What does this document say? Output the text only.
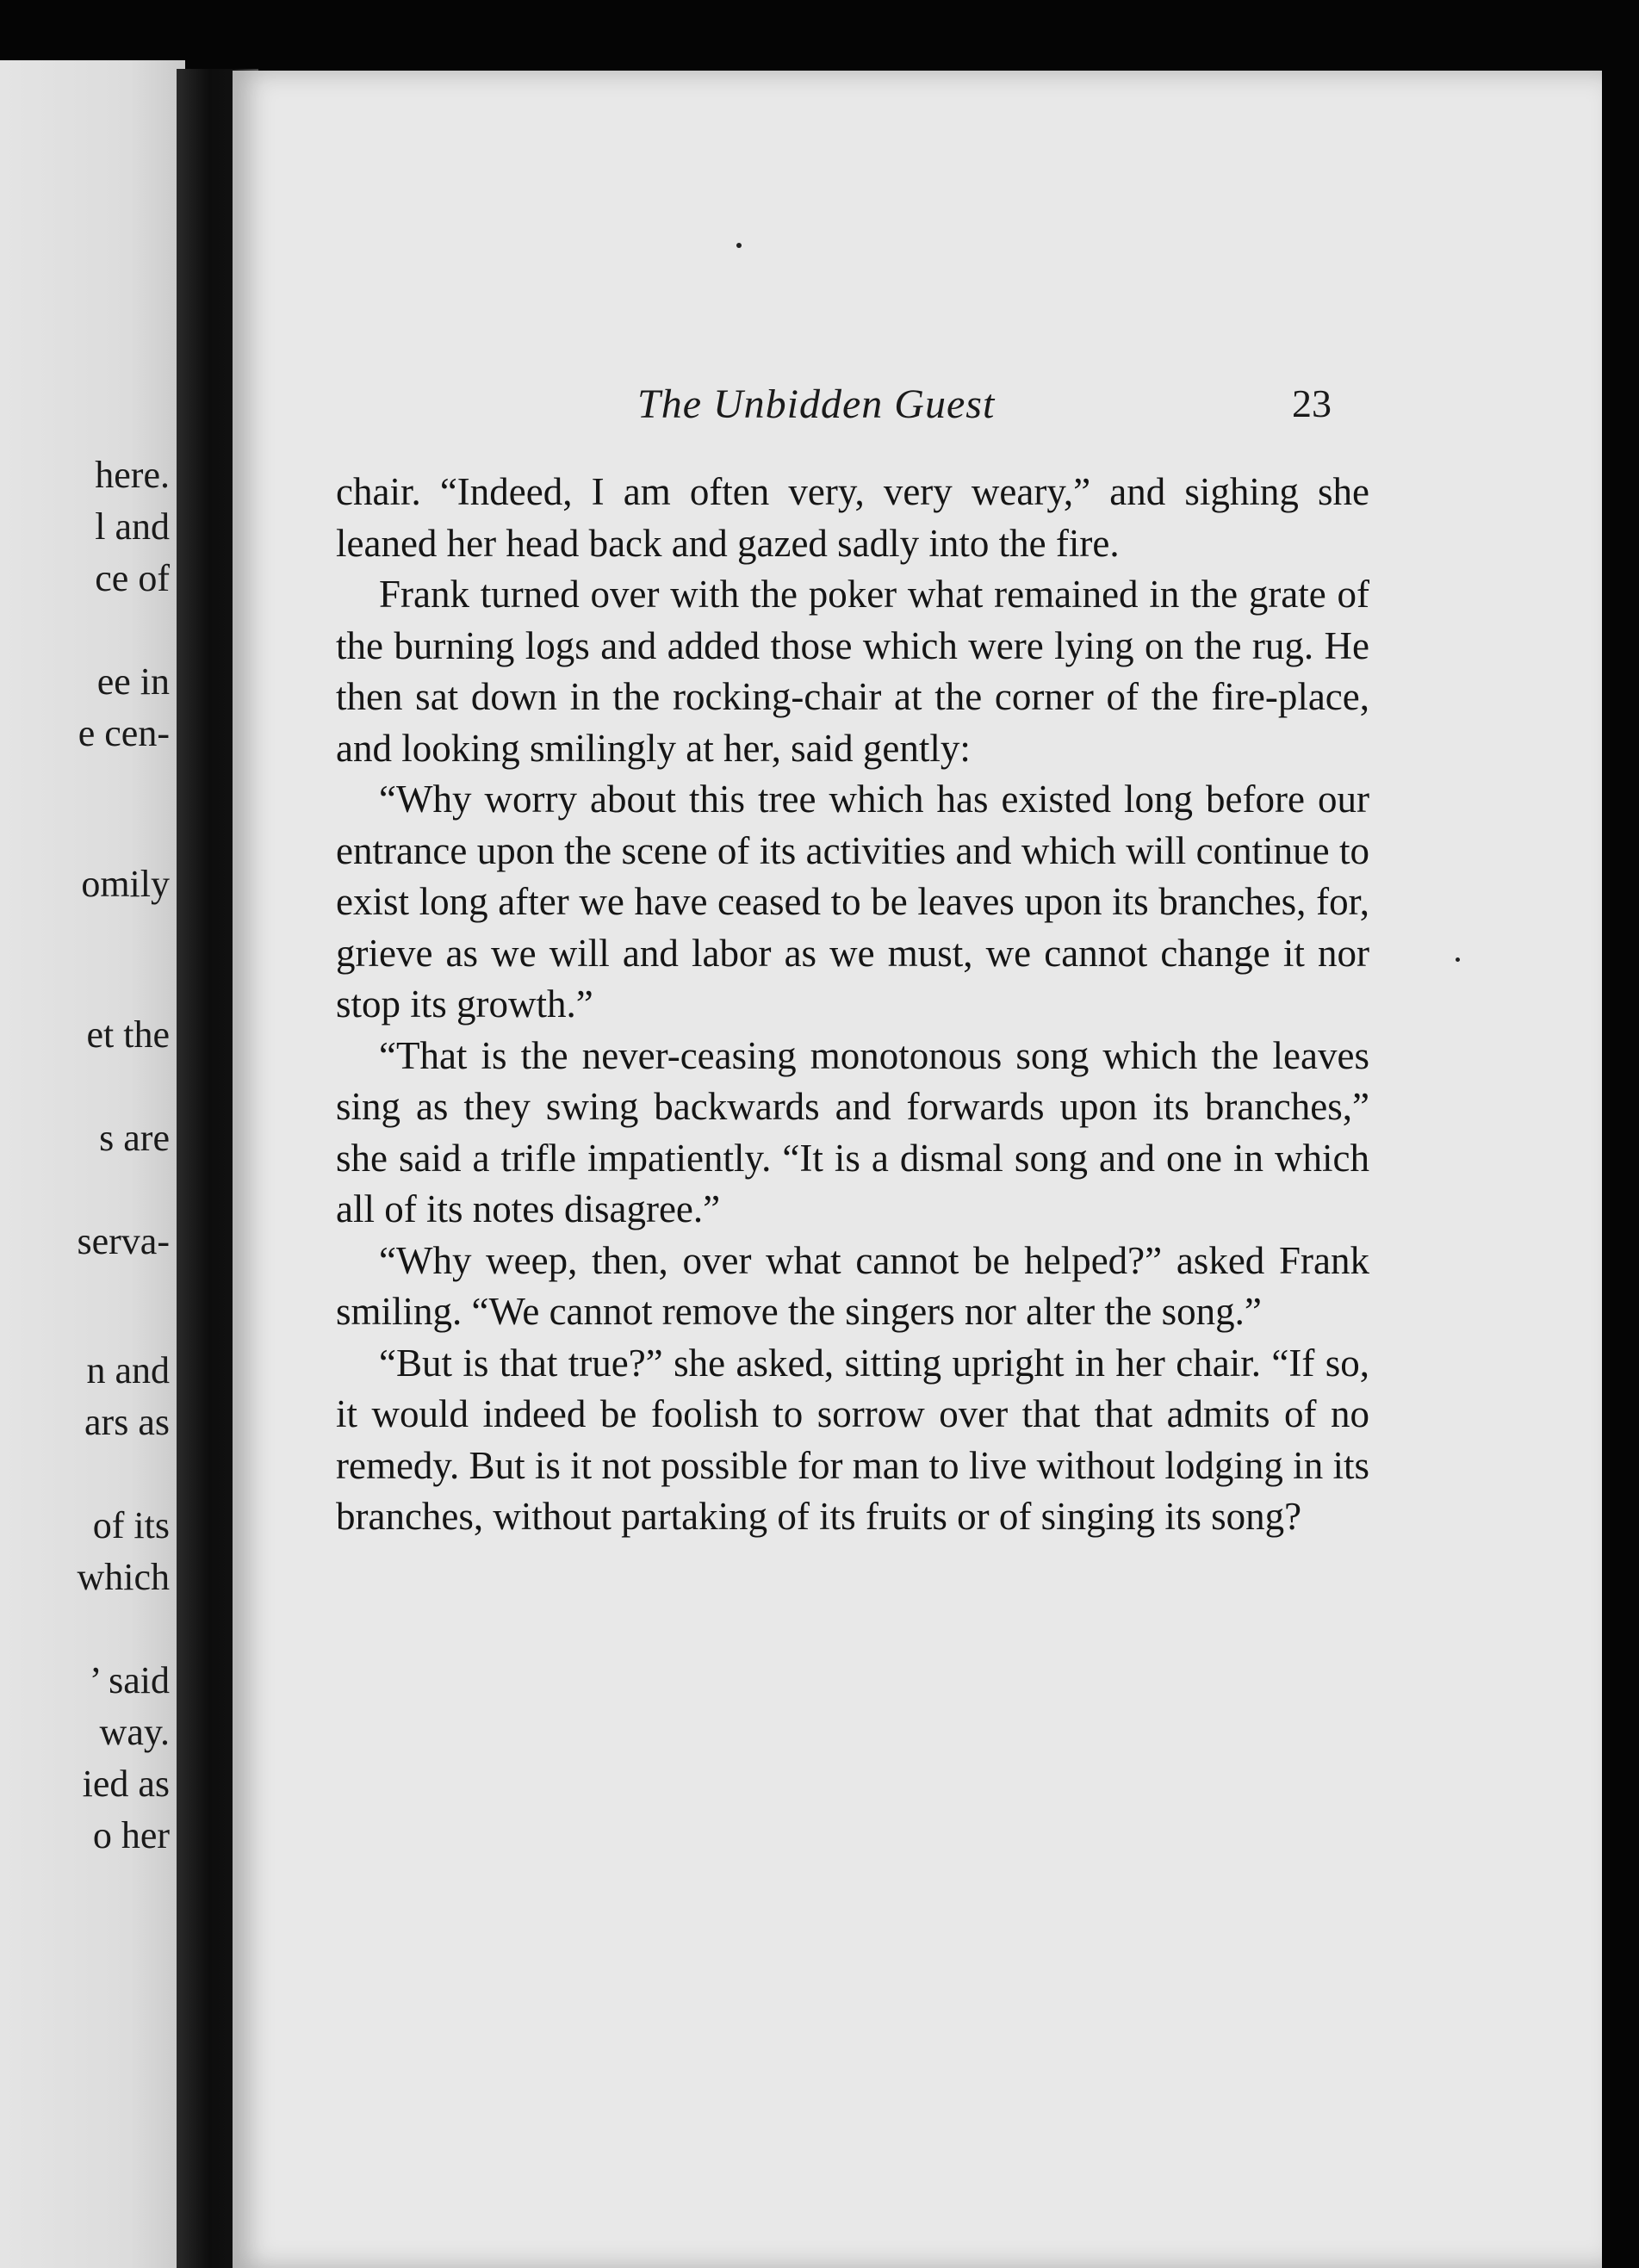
here.
l and
ce of
ee in
e cen-
omily
et the
s are
serva-
n and
ars as
of its
which
’ said
way.
ied as
o her
The Unbidden Guest	23

chair. “Indeed, I am often very, very weary,” and sighing she leaned her head back and gazed sadly into the fire.

Frank turned over with the poker what remained in the grate of the burning logs and added those which were lying on the rug. He then sat down in the rocking-chair at the corner of the fire-place, and looking smilingly at her, said gently:

“Why worry about this tree which has existed long before our entrance upon the scene of its activities and which will continue to exist long after we have ceased to be leaves upon its branches, for, grieve as we will and labor as we must, we cannot change it nor stop its growth.”

“That is the never-ceasing monotonous song which the leaves sing as they swing backwards and forwards upon its branches,” she said a trifle impatiently. “It is a dismal song and one in which all of its notes disagree.”

“Why weep, then, over what cannot be helped?” asked Frank smiling. “We cannot remove the singers nor alter the song.”

“But is that true?” she asked, sitting upright in her chair. “If so, it would indeed be foolish to sorrow over that that admits of no remedy. But is it not possible for man to live without lodging in its branches, without partaking of its fruits or of singing its song?
